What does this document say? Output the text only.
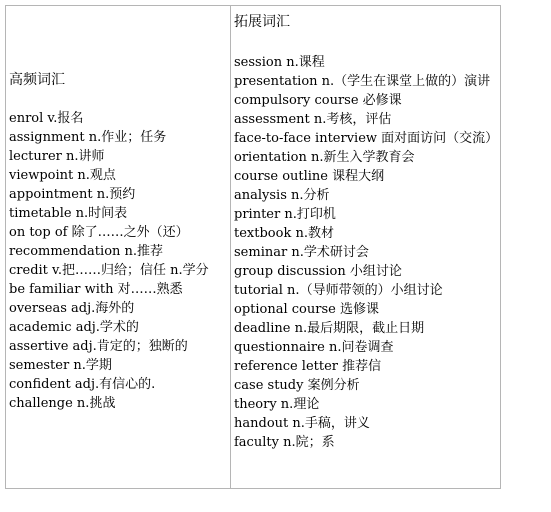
高频词汇
enrol v.报名
assignment n.作业；任务
lecturer n.讲师
viewpoint n.观点
appointment n.预约
timetable n.时间表
on top of 除了……之外（还）
recommendation n.推荐
credit v.把……归给；信任 n.学分
be familiar with 对……熟悉
overseas adj.海外的
academic adj.学术的
assertive adj.肯定的；独断的
semester n.学期
confident adj.有信心的.
challenge n.挑战
拓展词汇
session n.课程
presentation n.（学生在课堂上做的）演讲
compulsory course 必修课
assessment n.考核，评估
face-to-face interview 面对面访问（交流）
orientation n.新生入学教育会
course outline 课程大纲
analysis n.分析
printer n.打印机
textbook n.教材
seminar n.学术研讨会
group discussion 小组讨论
tutorial n.（导师带领的）小组讨论
optional course 选修课
deadline n.最后期限，截止日期
questionnaire n.问卷调查
reference letter 推荐信
case study 案例分析
theory n.理论
handout n.手稿，讲义
faculty n.院；系
